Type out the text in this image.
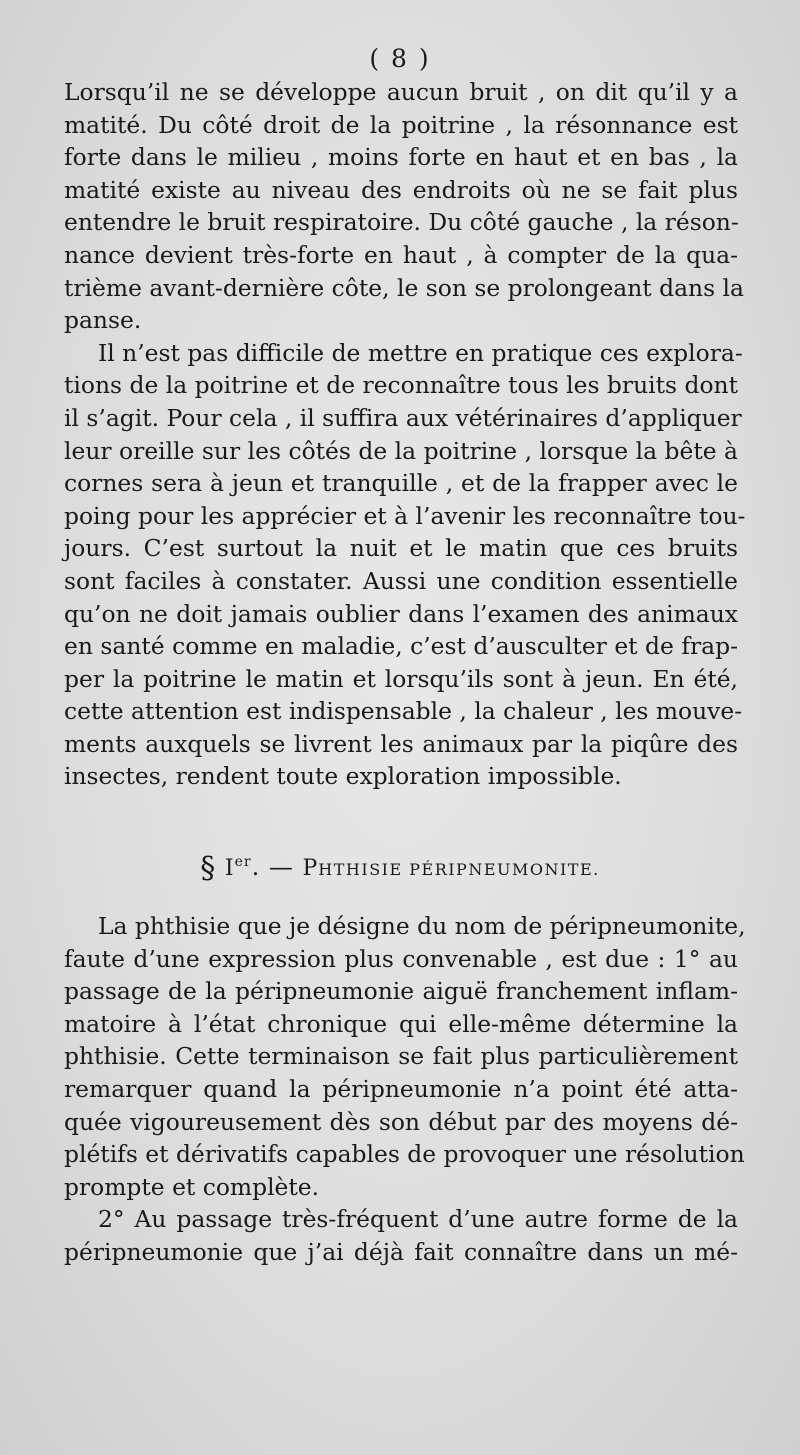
( 8 )
Lorsqu’il ne se développe aucun bruit , on dit qu’il y a
matité. Du côté droit de la poitrine , la résonnance est
forte dans le milieu , moins forte en haut et en bas , la
matité existe au niveau des endroits où ne se fait plus
entendre le bruit respiratoire. Du côté gauche , la réson-
nance devient très-forte en haut , à compter de la qua-
trième avant-dernière côte, le son se prolongeant dans la
panse.
Il n’est pas difficile de mettre en pratique ces explora-
tions de la poitrine et de reconnaître tous les bruits dont
il s’agit. Pour cela , il suffira aux vétérinaires d’appliquer
leur oreille sur les côtés de la poitrine , lorsque la bête à
cornes sera à jeun et tranquille , et de la frapper avec le
poing pour les apprécier et à l’avenir les reconnaître tou-
jours. C’est surtout la nuit et le matin que ces bruits
sont faciles à constater. Aussi une condition essentielle
qu’on ne doit jamais oublier dans l’examen des animaux
en santé comme en maladie, c’est d’ausculter et de frap-
per la poitrine le matin et lorsqu’ils sont à jeun. En été,
cette attention est indispensable , la chaleur , les mouve-
ments auxquels se livrent les animaux par la piqûre des
insectes, rendent toute exploration impossible.
§ Ier. — PHTHISIE PÉRIPNEUMONITE.
La phthisie que je désigne du nom de péripneumonite,
faute d’une expression plus convenable , est due : 1° au
passage de la péripneumonie aiguë franchement inflam-
matoire à l’état chronique qui elle-même détermine la
phthisie. Cette terminaison se fait plus particulièrement
remarquer quand la péripneumonie n’a point été atta-
quée vigoureusement dès son début par des moyens dé-
plétifs et dérivatifs capables de provoquer une résolution
prompte et complète.
2° Au passage très-fréquent d’une autre forme de la
péripneumonie que j’ai déjà fait connaître dans un mé-
